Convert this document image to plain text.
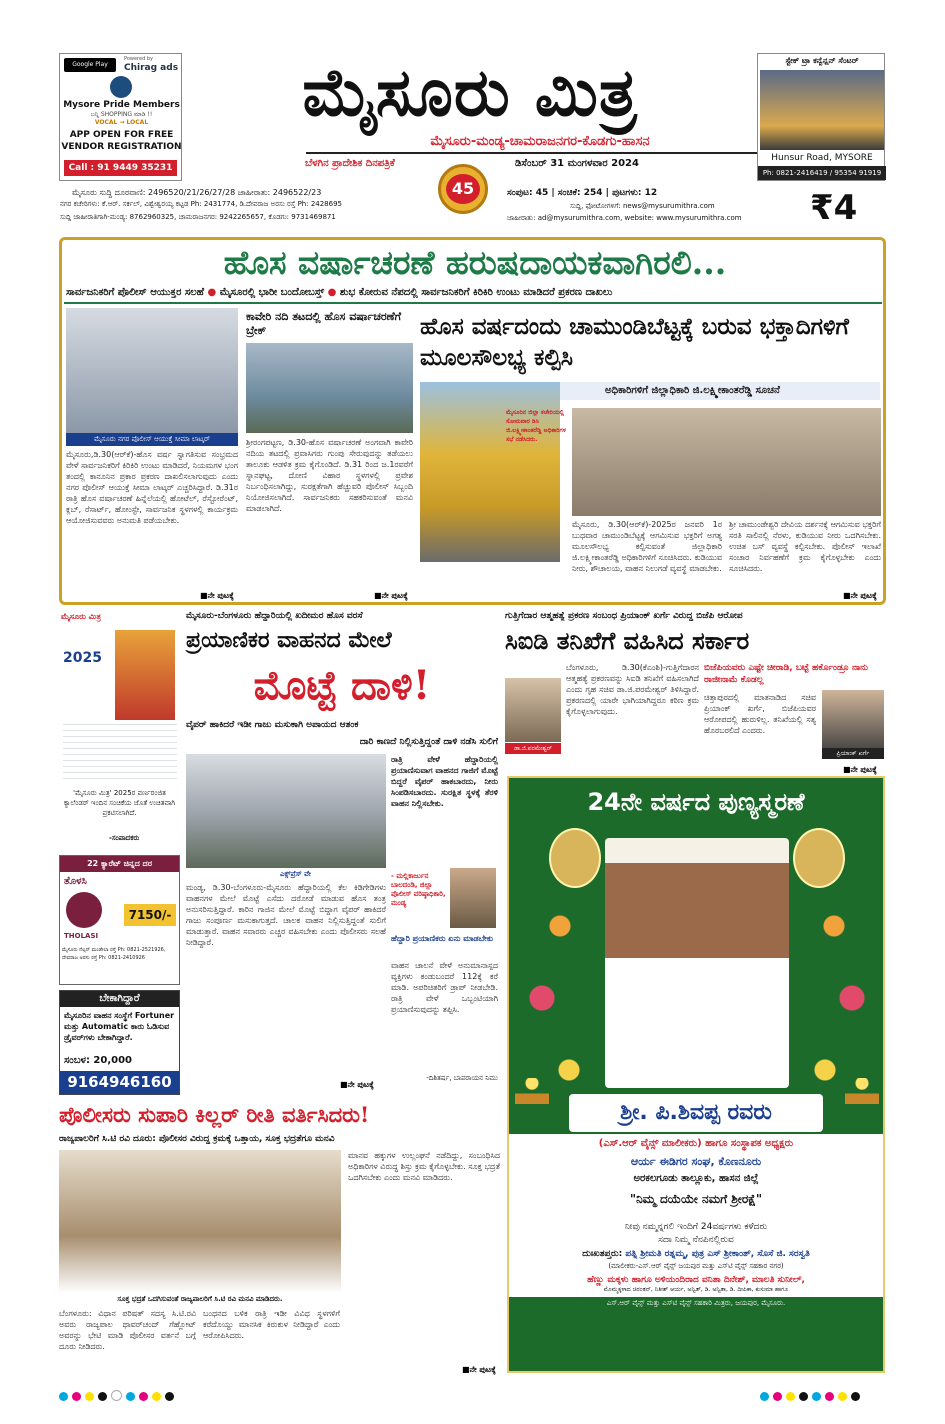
Google Play
Powered by
Chirag ads
Mysore Pride Members
ಬನ್ನಿ SHOPPING ಮಾಡಿ !!
VOCAL → LOCAL
APP OPEN FOR FREE
VENDOR REGISTRATION
Call : 91 9449 35231
ಮೈಸೂರು ಮಿತ್ರ
ಮೈಸೂರು-ಮಂಡ್ಯ-ಚಾಮರಾಜನಗರ-ಕೊಡಗು-ಹಾಸನ
ಬೆಳಗಿನ ಪ್ರಾದೇಶಿಕ ದಿನಪತ್ರಿಕೆ	ಡಿಸೆಂಬರ್ 31 ಮಂಗಳವಾರ 2024
45
ಸ್ಟೇಕ್ ಟ್ರಾ ಕನ್ವೆನ್ಷನ್ ಸೆಂಟರ್
Hunsur Road, MYSORE
Ph: 0821-2416419 / 95354 91919
ಮೈಸೂರು ಸುದ್ದಿ ದೂರವಾಣಿ: 2496520/21/26/27/28 ಜಾಹೀರಾತು: 2496522/23
ನಗರ ಕಚೇರಿಗಳು: ಕೆ.ಆರ್. ಸರ್ಕಲ್, ವಿಶ್ವೇಶ್ವರಯ್ಯ ಕಟ್ಟಡ Ph: 2431774, ಡಿ.ದೇವರಾಜ ಅರಸು ರಸ್ತೆ Ph: 2428695
ಸುದ್ದಿ ಜಾಹೀರಾತಿಗಾಗಿ-ಮಂಡ್ಯ: 8762960325, ಚಾಮರಾಜನಗರ: 9242265657, ಕೊಡಗು: 9731469871
ಸಂಪುಟ: 45 | ಸಂಚಿಕೆ: 254 | ಪುಟಗಳು: 12
ಸುದ್ದಿ, ಫೋಟೋಗಳಿಗೆ: news@mysurumithra.com
ಜಾಹೀರಾತು: ad@mysurumithra.com, website: www.mysurumithra.com ₹4
ಹೊಸ ವರ್ಷಾಚರಣೆ ಹರುಷದಾಯಕವಾಗಿರಲಿ...
ಸಾರ್ವಜನಿಕರಿಗೆ ಪೊಲೀಸ್ ಆಯುಕ್ತರ ಸಲಹೆ ● ಮೈಸೂರಲ್ಲಿ ಭಾರೀ ಬಂದೋಬಸ್ತ್ ● ಶುಭ ಕೋರುವ ನೆಪದಲ್ಲಿ ಸಾರ್ವಜನಿಕರಿಗೆ ಕಿರಿಕಿರಿ ಉಂಟು ಮಾಡಿದರೆ ಪ್ರಕರಣ ದಾಖಲು
ಮೈಸೂರು ನಗರ ಪೊಲೀಸ್ ಆಯುಕ್ತೆ ಸೀಮಾ ಲಾಟ್ಕರ್
ಮೈಸೂರು,ಡಿ.30(ಆರ್‌ಕೆ)-ಹೊಸ ವರ್ಷ ಸ್ವಾಗತಿಸುವ ಸಂಭ್ರಮದ ವೇಳೆ ಸಾರ್ವಜನಿಕರಿಗೆ ಕಿರಿಕಿರಿ ಉಂಟು ಮಾಡಿದರೆ, ನಿಯಮಗಳ ಭಂಗ ತಂದಲ್ಲಿ ಕಾನೂನಿನ ಪ್ರಕಾರ ಪ್ರಕರಣ ದಾಖಲಿಸಲಾಗುವುದು ಎಂದು ನಗರ ಪೊಲೀಸ್ ಆಯುಕ್ತೆ ಸೀಮಾ ಲಾಟ್ಕರ್ ಎಚ್ಚರಿಸಿದ್ದಾರೆ. ಡಿ.31ರ ರಾತ್ರಿ ಹೊಸ ವರ್ಷಾಚರಣೆ ಹಿನ್ನೆಲೆಯಲ್ಲಿ ಹೋಟೆಲ್, ರೆಸ್ಟೋರೆಂಟ್, ಕ್ಲಬ್, ರೆಸಾರ್ಟ್, ಹೋಂಸ್ಟೇ, ಸಾರ್ವಜನಿಕ ಸ್ಥಳಗಳಲ್ಲಿ ಕಾರ್ಯಕ್ರಮ ಆಯೋಜಿಸುವವರು ಅನುಮತಿ ಪಡೆಯಬೇಕು.
■ನೇ ಪುಟಕ್ಕೆ
ಕಾವೇರಿ ನದಿ ತಟದಲ್ಲಿ ಹೊಸ ವರ್ಷಾಚರಣೆಗೆ ಬ್ರೇಕ್
ಶ್ರೀರಂಗಪಟ್ಟಣ, ಡಿ.30-ಹೊಸ ವರ್ಷಾಚರಣೆ ಅಂಗವಾಗಿ ಕಾವೇರಿ ನದಿಯ ತಟದಲ್ಲಿ ಪ್ರವಾಸಿಗರು ಗುಂಪು ಸೇರುವುದನ್ನು ತಡೆಯಲು ತಾಲೂಕು ಆಡಳಿತ ಕ್ರಮ ಕೈಗೊಂಡಿದೆ. ಡಿ.31 ರಿಂದ ಜ.1ರವರೆಗೆ ಸ್ನಾನಘಟ್ಟ, ದೋಣಿ ವಿಹಾರ ಸ್ಥಳಗಳಲ್ಲಿ ಪ್ರವೇಶ ನಿರ್ಬಂಧಿಸಲಾಗಿದ್ದು, ಸುರಕ್ಷತೆಗಾಗಿ ಹೆಚ್ಚುವರಿ ಪೊಲೀಸ್ ಸಿಬ್ಬಂದಿ ನಿಯೋಜಿಸಲಾಗಿದೆ. ಸಾರ್ವಜನಿಕರು ಸಹಕರಿಸುವಂತೆ ಮನವಿ ಮಾಡಲಾಗಿದೆ.
■ನೇ ಪುಟಕ್ಕೆ
ಹೊಸ ವರ್ಷದಂದು ಚಾಮುಂಡಿಬೆಟ್ಟಕ್ಕೆ ಬರುವ ಭಕ್ತಾದಿಗಳಿಗೆ ಮೂಲಸೌಲಭ್ಯ ಕಲ್ಪಿಸಿ
ಅಧಿಕಾರಿಗಳಿಗೆ ಜಿಲ್ಲಾಧಿಕಾರಿ ಜಿ.ಲಕ್ಷ್ಮೀಕಾಂತರೆಡ್ಡಿ ಸೂಚನೆ
ಮೈಸೂರಿನ ಜಿಲ್ಲಾ ಕಚೇರಿಯಲ್ಲಿ ಸೋಮವಾರ ಡಿಸಿ ಜಿ.ಲಕ್ಷ್ಮೀಕಾಂತರೆಡ್ಡಿ ಅಧಿಕಾರಿಗಳ ಸಭೆ ನಡೆಸಿದರು.
ಮೈಸೂರು, ಡಿ.30(ಆರ್‌ಕೆ)-2025ರ ಜನವರಿ 1ರ ಬುಧವಾರ ಚಾಮುಂಡಿಬೆಟ್ಟಕ್ಕೆ ಆಗಮಿಸುವ ಭಕ್ತರಿಗೆ ಅಗತ್ಯ ಮೂಲಸೌಲಭ್ಯ ಕಲ್ಪಿಸುವಂತೆ ಜಿಲ್ಲಾಧಿಕಾರಿ ಜಿ.ಲಕ್ಷ್ಮೀಕಾಂತರೆಡ್ಡಿ ಅಧಿಕಾರಿಗಳಿಗೆ ಸೂಚಿಸಿದರು. ಕುಡಿಯುವ ನೀರು, ಶೌಚಾಲಯ, ವಾಹನ ನಿಲುಗಡೆ ವ್ಯವಸ್ಥೆ ಮಾಡಬೇಕು.
ಶ್ರೀ ಚಾಮುಂಡೇಶ್ವರಿ ದೇವಿಯ ದರ್ಶನಕ್ಕೆ ಆಗಮಿಸುವ ಭಕ್ತರಿಗೆ ಸರತಿ ಸಾಲಿನಲ್ಲಿ ನೆರಳು, ಕುಡಿಯುವ ನೀರು ಒದಗಿಸಬೇಕು. ಉಚಿತ ಬಸ್ ವ್ಯವಸ್ಥೆ ಕಲ್ಪಿಸಬೇಕು. ಪೊಲೀಸ್ ಇಲಾಖೆ ಸಂಚಾರ ನಿರ್ವಹಣೆಗೆ ಕ್ರಮ ಕೈಗೊಳ್ಳಬೇಕು ಎಂದು ಸೂಚಿಸಿದರು.
■ನೇ ಪುಟಕ್ಕೆ
ಮೈಸೂರು ಮಿತ್ರ
2025
'ಮೈಸೂರು ಮಿತ್ರ' 2025ರ ವರ್ಣರಂಜಿತ ಕ್ಯಾಲೆಂಡರ್ ಇಂದಿನ ಸಂಚಿಕೆಯ ಜೊತೆ ಉಚಿತವಾಗಿ ಪ್ರಕಟಿಸಲಾಗಿದೆ.
-ಸಂಪಾದಕರು
22 ಕ್ಯಾರೆಟ್ ಚಿನ್ನದ ದರ
ತೊಳಸಿ
THOLASI
7150/-
ಮೈಸೂರು ನೆಲ್ಸನ್ ಮಂಡೇಲಾ ರಸ್ತೆ Ph: 0821-2521926, ದೇವರಾಜ ಅರಸು ರಸ್ತೆ Ph: 0821-2410926
ಬೇಕಾಗಿದ್ದಾರೆ
ಮೈಸೂರಿನ ವಾಹನ ಸಂಸ್ಥೆಗೆ Fortuner ಮತ್ತು Automatic ಕಾರು ಓಡಿಸುವ ಡ್ರೈವರ್‌ಗಳು ಬೇಕಾಗಿದ್ದಾರೆ.
ಸಂಬಳ: 20,000
9164946160
ಮೈಸೂರು-ಬೆಂಗಳೂರು ಹೆದ್ದಾರಿಯಲ್ಲಿ ಖದೀಮರ ಹೊಸ ವರಸೆ
ಪ್ರಯಾಣಿಕರ ವಾಹನದ ಮೇಲೆ
ಮೊಟ್ಟೆ ದಾಳಿ!
ವೈಪರ್ ಹಾಕಿದರೆ ಇಡೀ ಗಾಜು ಮಸುಕಾಗಿ ಅಪಾಯದ ಆತಂಕ
ದಾರಿ ಕಾಣದೆ ನಿಲ್ಲಿಸುತ್ತಿದ್ದಂತೆ ದಾಳಿ ನಡೆಸಿ ಸುಲಿಗೆ
ಎಕ್ಸ್‌ಪ್ರೆಸ್ ವೇ
ಮಂಡ್ಯ, ಡಿ.30-ಬೆಂಗಳೂರು-ಮೈಸೂರು ಹೆದ್ದಾರಿಯಲ್ಲಿ ಕೆಲ ಕಿಡಿಗೇಡಿಗಳು ವಾಹನಗಳ ಮೇಲೆ ಮೊಟ್ಟೆ ಎಸೆದು ದರೋಡೆ ಮಾಡುವ ಹೊಸ ತಂತ್ರ ಅನುಸರಿಸುತ್ತಿದ್ದಾರೆ. ಕಾರಿನ ಗಾಜಿನ ಮೇಲೆ ಮೊಟ್ಟೆ ಬಿದ್ದಾಗ ವೈಪರ್ ಹಾಕಿದರೆ ಗಾಜು ಸಂಪೂರ್ಣ ಮಸುಕಾಗುತ್ತದೆ. ಚಾಲಕ ವಾಹನ ನಿಲ್ಲಿಸುತ್ತಿದ್ದಂತೆ ಸುಲಿಗೆ ಮಾಡುತ್ತಾರೆ. ವಾಹನ ಸವಾರರು ಎಚ್ಚರ ವಹಿಸಬೇಕು ಎಂದು ಪೊಲೀಸರು ಸಲಹೆ ನೀಡಿದ್ದಾರೆ.
ರಾತ್ರಿ ವೇಳೆ ಹೆದ್ದಾರಿಯಲ್ಲಿ ಪ್ರಯಾಣಿಸುವಾಗ ವಾಹನದ ಗಾಜಿಗೆ ಮೊಟ್ಟೆ ಬಿದ್ದರೆ ವೈಪರ್ ಹಾಕಬಾರದು, ನೀರು ಸಿಂಪಡಿಸಬಾರದು. ಸುರಕ್ಷಿತ ಸ್ಥಳಕ್ಕೆ ತೆರಳಿ ವಾಹನ ನಿಲ್ಲಿಸಬೇಕು.
- ಮಲ್ಲಿಕಾರ್ಜುನ ಬಾಲದಂಡಿ, ಜಿಲ್ಲಾ ಪೊಲೀಸ್ ವರಿಷ್ಠಾಧಿಕಾರಿ, ಮಂಡ್ಯ
ಹೆದ್ದಾರಿ ಪ್ರಯಾಣಿಕರು ಏನು ಮಾಡಬೇಕು
ವಾಹನ ಚಾಲನೆ ವೇಳೆ ಅನುಮಾನಾಸ್ಪದ ವ್ಯಕ್ತಿಗಳು ಕಂಡುಬಂದರೆ 112ಕ್ಕೆ ಕರೆ ಮಾಡಿ. ಅಪರಿಚಿತರಿಗೆ ಡ್ರಾಪ್ ನೀಡಬೇಡಿ. ರಾತ್ರಿ ವೇಳೆ ಒಬ್ಬಂಟಿಯಾಗಿ ಪ್ರಯಾಣಿಸುವುದನ್ನು ತಪ್ಪಿಸಿ.
-ದಿಶಿತರ್ಷ, ಬಾಪರಾಯನ ನಿಮು
■ನೇ ಪುಟಕ್ಕೆ
ಗುತ್ತಿಗೆದಾರ ಆತ್ಮಹತ್ಯೆ ಪ್ರಕರಣ ಸಂಬಂಧ ಪ್ರಿಯಾಂಕ್ ಖರ್ಗೆ ವಿರುದ್ಧ ಬಿಜೆಪಿ ಆರೋಪ
ಸಿಐಡಿ ತನಿಖೆಗೆ ವಹಿಸಿದ ಸರ್ಕಾರ
ಡಾ.ಜಿ.ಪರಮೇಶ್ವರ್
ಬೆಂಗಳೂರು, ಡಿ.30(ಕೆಎಂಶಿ)-ಗುತ್ತಿಗೆದಾರನ ಆತ್ಮಹತ್ಯೆ ಪ್ರಕರಣವನ್ನು ಸಿಐಡಿ ತನಿಖೆಗೆ ವಹಿಸಲಾಗಿದೆ ಎಂದು ಗೃಹ ಸಚಿವ ಡಾ.ಜಿ.ಪರಮೇಶ್ವರ್ ತಿಳಿಸಿದ್ದಾರೆ. ಪ್ರಕರಣದಲ್ಲಿ ಯಾರೇ ಭಾಗಿಯಾಗಿದ್ದರೂ ಕಠಿಣ ಕ್ರಮ ಕೈಗೊಳ್ಳಲಾಗುವುದು.
ಬಿಜೆಪಿಯವರು ಎಷ್ಟೇ ಚೀರಾಡಿ, ಬಟ್ಟೆ ಹರ್ಕೊಂಡ್ರೂ ನಾನು ರಾಜೀನಾಮೆ ಕೊಡಲ್ಲ
ಚಿತ್ತಾಪುರದಲ್ಲಿ ಮಾತನಾಡಿದ ಸಚಿವ ಪ್ರಿಯಾಂಕ್ ಖರ್ಗೆ, ಬಿಜೆಪಿಯವರ ಆರೋಪದಲ್ಲಿ ಹುರುಳಿಲ್ಲ. ತನಿಖೆಯಲ್ಲಿ ಸತ್ಯ ಹೊರಬರಲಿದೆ ಎಂದರು.
ಪ್ರಿಯಾಂಕ್ ಖರ್ಗೆ
■ನೇ ಪುಟಕ್ಕೆ
24ನೇ ವರ್ಷದ ಪುಣ್ಯಸ್ಮರಣೆ
ಶ್ರೀ. ಪಿ.ಶಿವಪ್ಪ ರವರು
(ಎಸ್.ಆರ್ ವೈನ್ಸ್ ಮಾಲೀಕರು) ಹಾಗೂ ಸಂಸ್ಥಾಪಕ ಅಧ್ಯಕ್ಷರು
ಆರ್ಯ ಈಡಿಗರ ಸಂಘ, ಕೊಣನೂರು
ಅರಕಲಗೂಡು ತಾಲ್ಲೂಕು, ಹಾಸನ ಜಿಲ್ಲೆ
"ನಿಮ್ಮ ದಯೆಯೇ ನಮಗೆ ಶ್ರೀರಕ್ಷೆ"
ನೀವು ನಮ್ಮನ್ನಗಲಿ ಇಂದಿಗೆ 24ವರ್ಷಗಳು ಕಳೆದರು
ಸದಾ ನಿಮ್ಮ ನೆನಪಿನಲ್ಲಿರುವ
ದುಃಖತಪ್ತರು: ಪತ್ನಿ ಶ್ರೀಮತಿ ರತ್ನಮ್ಮ, ಪುತ್ರ ಎಸ್ ಶ್ರೀಕಾಂತ್, ಸೊಸೆ ಜಿ. ಸರಸ್ವತಿ
(ಮಾಲೀಕರು-ಎಸ್.ಆರ್ ವೈನ್ಸ್ ಜಯಪುರ ಮತ್ತು ಎಸ್‌ಟಿ ವೈನ್ಸ್ ಸಹಕಾರ ನಗರ)
ಹೆಣ್ಣು ಮಕ್ಕಳು ಹಾಗೂ ಅಳಿಯಂದಿರಾದ ವನಿತಾ ದಿನೇಶ್, ಮಾಲತಿ ಸುನೀಲ್,
ಮೊಮ್ಮಕ್ಕಳಾದ ಚಿರಂತನ್, ನಿತೀಶ್ ಆರ್ಯ, ಅನ್ವಿತ್, ಡಿ. ಅನ್ವಿತಾ, ಡಿ. ದೀಪಿಕಾ, ಕುಸುಮಾ ಹಾಗೂ
ಎಸ್.ಆರ್ ವೈನ್ಸ್ ಮತ್ತು ಎಸ್‌ಟಿ ವೈನ್ಸ್ ಸಹಕಾರಿ ಮಿತ್ರರು, ಜಯಪುರ, ಮೈಸೂರು.
ಪೊಲೀಸರು ಸುಪಾರಿ ಕಿಲ್ಲರ್ ರೀತಿ ವರ್ತಿಸಿದರು!
ರಾಜ್ಯಪಾಲರಿಗೆ ಸಿ.ಟಿ ರವಿ ದೂರು: ಪೊಲೀಸರ ವಿರುದ್ಧ ಕ್ರಮಕ್ಕೆ ಒತ್ತಾಯ, ಸೂಕ್ತ ಭದ್ರತೆಗೂ ಮನವಿ
ಸೂಕ್ತ ಭದ್ರತೆ ಒದಗಿಸುವಂತೆ ರಾಜ್ಯಪಾಲರಿಗೆ ಸಿ.ಟಿ ರವಿ ಮನವಿ ಮಾಡಿದರು.
ಬೆಂಗಳೂರು: ವಿಧಾನ ಪರಿಷತ್ ಸದಸ್ಯ ಸಿ.ಟಿ.ರವಿ ಅವರು ರಾಜ್ಯಪಾಲ ಥಾವರ್‌ಚಂದ್ ಗೆಹ್ಲೋಟ್ ಅವರನ್ನು ಭೇಟಿ ಮಾಡಿ ಪೊಲೀಸರ ವರ್ತನೆ ಬಗ್ಗೆ ದೂರು ನೀಡಿದರು.
ಬಂಧನದ ಬಳಿಕ ರಾತ್ರಿ ಇಡೀ ವಿವಿಧ ಸ್ಥಳಗಳಿಗೆ ಕರೆದೊಯ್ದು ಮಾನಸಿಕ ಕಿರುಕುಳ ನೀಡಿದ್ದಾರೆ ಎಂದು ಆರೋಪಿಸಿದರು.
ಮಾನವ ಹಕ್ಕುಗಳ ಉಲ್ಲಂಘನೆ ನಡೆದಿದ್ದು, ಸಂಬಂಧಿಸಿದ ಅಧಿಕಾರಿಗಳ ವಿರುದ್ಧ ಶಿಸ್ತು ಕ್ರಮ ಕೈಗೊಳ್ಳಬೇಕು. ಸೂಕ್ತ ಭದ್ರತೆ ಒದಗಿಸಬೇಕು ಎಂದು ಮನವಿ ಮಾಡಿದರು.
■ನೇ ಪುಟಕ್ಕೆ
